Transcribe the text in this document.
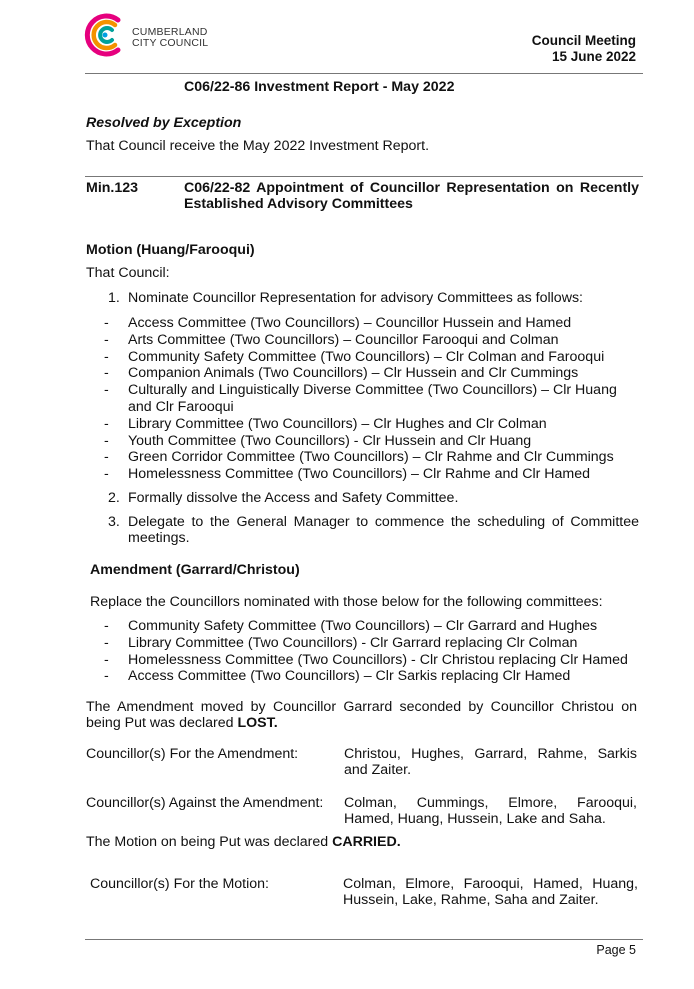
CUMBERLAND
CITY COUNCIL	Council Meeting
15 June 2022
C06/22-86 Investment Report - May 2022
Resolved by Exception
That Council receive the May 2022 Investment Report.
Min.123	C06/22-82 Appointment of Councillor Representation on Recently Established Advisory Committees
Motion (Huang/Farooqui)
That Council:
1. Nominate Councillor Representation for advisory Committees as follows:
- Access Committee (Two Councillors) – Councillor Hussein and Hamed
- Arts Committee (Two Councillors) – Councillor Farooqui and Colman
- Community Safety Committee (Two Councillors) – Clr Colman and Farooqui
- Companion Animals (Two Councillors) – Clr Hussein and Clr Cummings
- Culturally and Linguistically Diverse Committee (Two Councillors) – Clr Huang and Clr Farooqui
- Library Committee (Two Councillors) – Clr Hughes and Clr Colman
- Youth Committee (Two Councillors) - Clr Hussein and Clr Huang
- Green Corridor Committee (Two Councillors) – Clr Rahme and Clr Cummings
- Homelessness Committee (Two Councillors) – Clr Rahme and Clr Hamed
2. Formally dissolve the Access and Safety Committee.
3. Delegate to the General Manager to commence the scheduling of Committee meetings.
Amendment (Garrard/Christou)
Replace the Councillors nominated with those below for the following committees:
- Community Safety Committee (Two Councillors) – Clr Garrard and Hughes
- Library Committee (Two Councillors) - Clr Garrard replacing Clr Colman
- Homelessness Committee (Two Councillors) - Clr Christou replacing Clr Hamed
- Access Committee (Two Councillors) – Clr Sarkis replacing Clr Hamed
The Amendment moved by Councillor Garrard seconded by Councillor Christou on being Put was declared LOST.
Councillor(s) For the Amendment:	Christou, Hughes, Garrard, Rahme, Sarkis and Zaiter.
Councillor(s) Against the Amendment: Colman, Cummings, Elmore, Farooqui, Hamed, Huang, Hussein, Lake and Saha.
The Motion on being Put was declared CARRIED.
Councillor(s) For the Motion:	Colman, Elmore, Farooqui, Hamed, Huang, Hussein, Lake, Rahme, Saha and Zaiter.
Page 5
